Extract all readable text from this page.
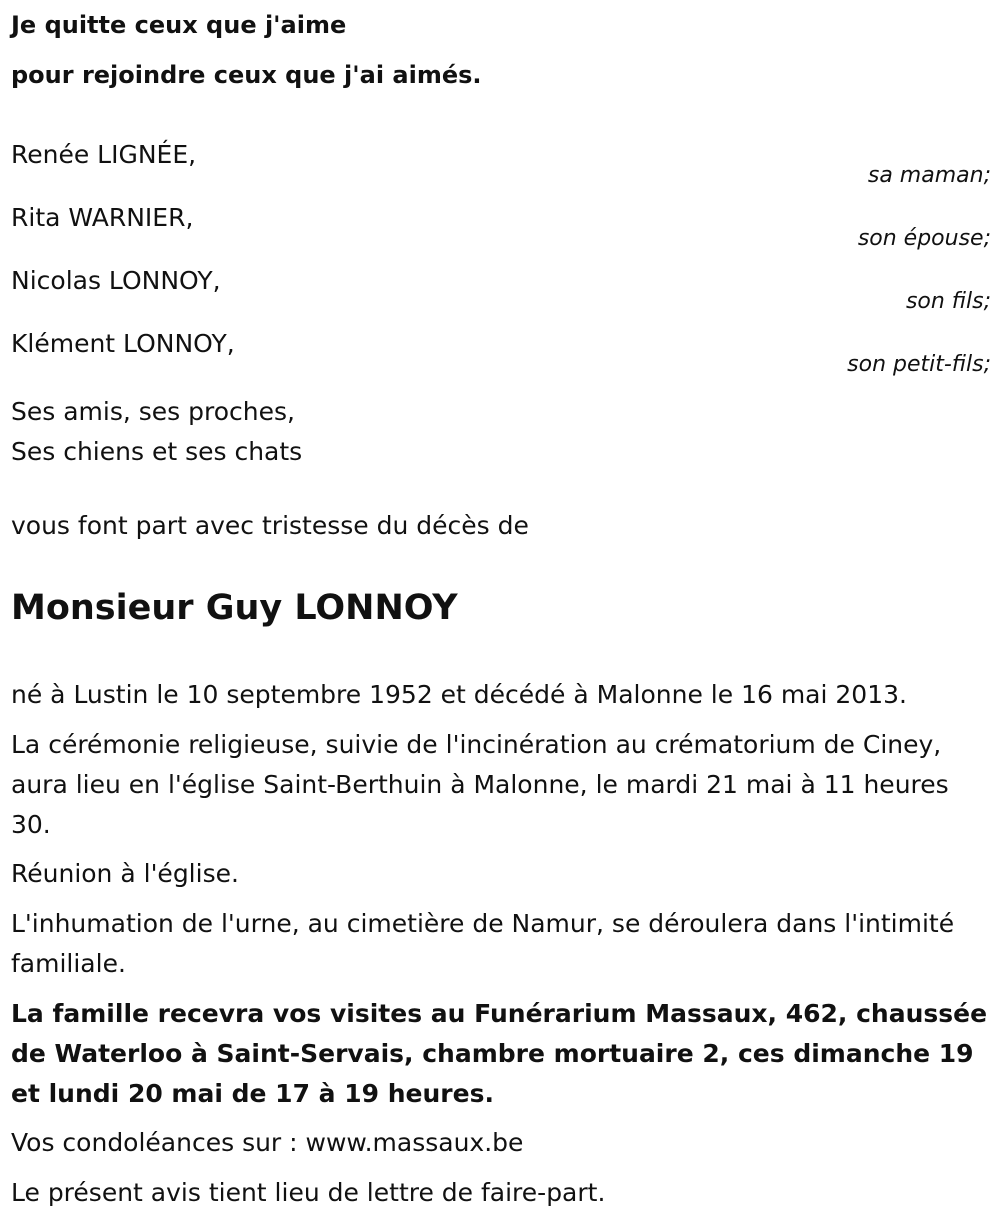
Je quitte ceux que j'aime
pour rejoindre ceux que j'ai aimés.
Renée LIGNÉE,
sa maman;
Rita WARNIER,
son épouse;
Nicolas LONNOY,
son fils;
Klément LONNOY,
son petit-fils;
Ses amis, ses proches,
Ses chiens et ses chats
vous font part avec tristesse du décès de
Monsieur Guy LONNOY
né à Lustin le 10 septembre 1952 et décédé à Malonne le 16 mai 2013.
La cérémonie religieuse, suivie de l'incinération au crématorium de Ciney, aura lieu en l'église Saint-Berthuin à Malonne, le mardi 21 mai à 11 heures 30.
Réunion à l'église.
L'inhumation de l'urne, au cimetière de Namur, se déroulera dans l'intimité familiale.
La famille recevra vos visites au Funérarium Massaux, 462, chaussée de Waterloo à Saint-Servais, chambre mortuaire 2, ces dimanche 19 et lundi 20 mai de 17 à 19 heures.
Vos condoléances sur : www.massaux.be
Le présent avis tient lieu de lettre de faire-part.
